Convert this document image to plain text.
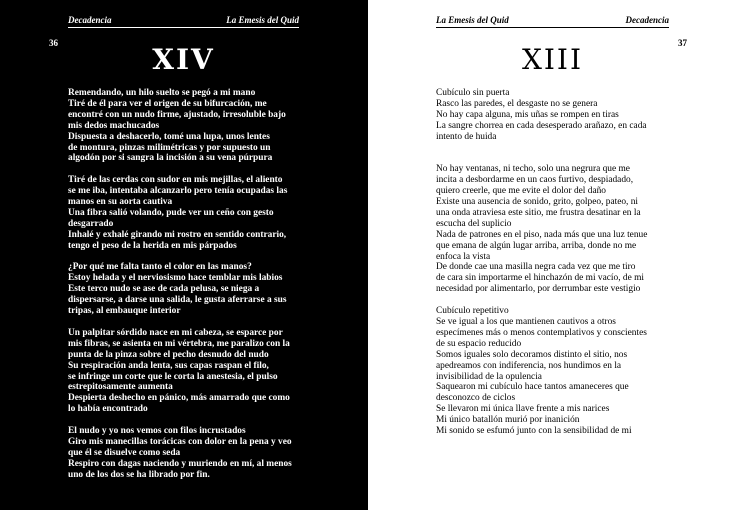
Decadencia	La Emesis del Quid
36	XIV
Remendando, un hilo suelto se pegó a mi mano
Tiré de él para ver el origen de su bifurcación, me
encontré con un nudo firme, ajustado, irresoluble bajo
mis dedos machucados
Dispuesta a deshacerlo, tomé una lupa, unos lentes
de montura, pinzas milimétricas y por supuesto un
algodón por si sangra la incisión a su vena púrpura
Tiré de las cerdas con sudor en mis mejillas, el aliento
se me iba, intentaba alcanzarlo pero tenía ocupadas las
manos en su aorta cautiva
Una fibra salió volando, pude ver un ceño con gesto
desgarrado
Inhalé y exhalé girando mi rostro en sentido contrario,
tengo el peso de la herida en mis párpados
¿Por qué me falta tanto el color en las manos?
Estoy helada y el nerviosismo hace temblar mis labios
Este terco nudo se ase de cada pelusa, se niega a
dispersarse, a darse una salida, le gusta aferrarse a sus
tripas, al embauque interior
Un palpitar sórdido nace en mi cabeza, se esparce por
mis fibras, se asienta en mi vértebra, me paralizo con la
punta de la pinza sobre el pecho desnudo del nudo
Su respiración anda lenta, sus capas raspan el filo,
se infringe un corte que le corta la anestesia, el pulso
estrepitosamente aumenta
Despierta deshecho en pánico, más amarrado que como
lo había encontrado
El nudo y yo nos vemos con filos incrustados
Giro mis manecillas torácicas con dolor en la pena y veo
que él se disuelve como seda
Respiro con dagas naciendo y muriendo en mí, al menos
uno de los dos se ha librado por fin.
La Emesis del Quid	Decadencia
37
XIII
Cubículo sin puerta
Rasco las paredes, el desgaste no se genera
No hay capa alguna, mis uñas se rompen en tiras
La sangre chorrea en cada desesperado arañazo, en cada
intento de huida
No hay ventanas, ni techo, solo una negrura que me
incita a desbordarme en un caos furtivo, despiadado,
quiero creerle, que me evite el dolor del daño
Existe una ausencia de sonido, grito, golpeo, pateo, ni
una onda atraviesa este sitio, me frustra desatinar en la
escucha del suplicio
Nada de patrones en el piso, nada más que una luz tenue
que emana de algún lugar arriba, arriba, donde no me
enfoca la vista
De donde cae una masilla negra cada vez que me tiro
de cara sin importarme el hinchazón de mi vacío, de mi
necesidad por alimentarlo, por derrumbar este vestigio
Cubículo repetitivo
Se ve igual a los que mantienen cautivos a otros
especímenes más o menos contemplativos y conscientes
de su espacio reducido
Somos iguales solo decoramos distinto el sitio, nos
apedreamos con indiferencia, nos hundimos en la
invisibilidad de la opulencia
Saquearon mi cubículo hace tantos amaneceres que
desconozco de ciclos
Se llevaron mi única llave frente a mis narices
Mi único batallón murió por inanición
Mi sonido se esfumó junto con la sensibilidad de mi
